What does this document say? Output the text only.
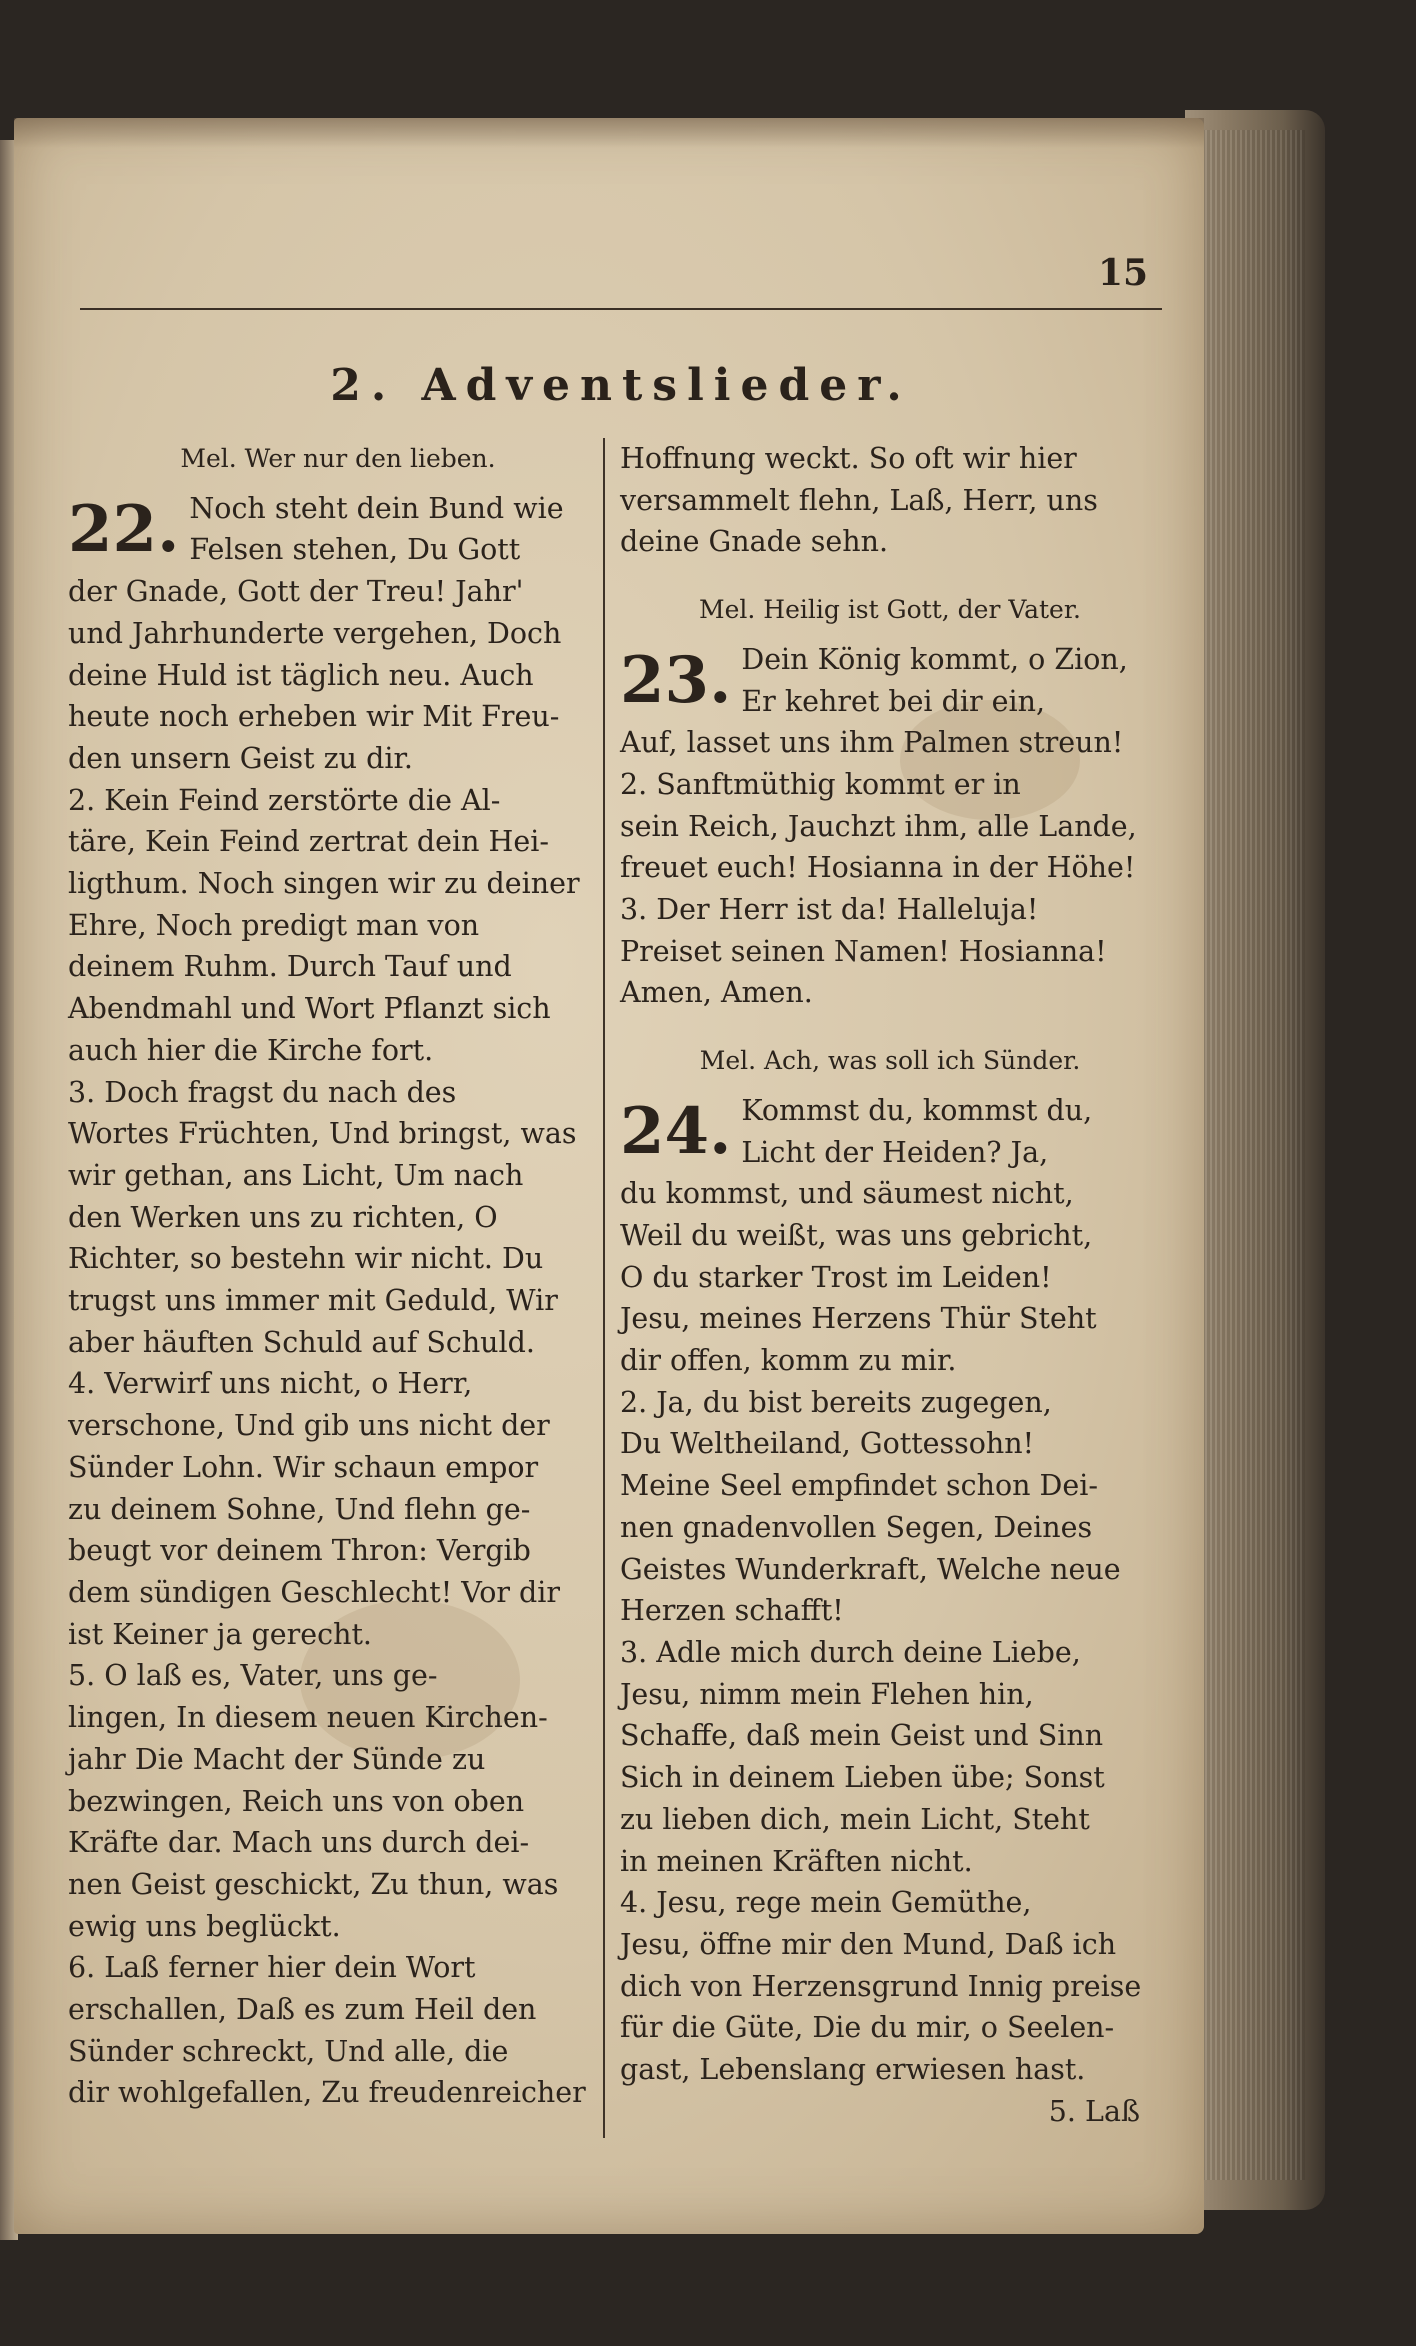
15
2. Adventslieder.
Mel. Wer nur den lieben.
22. Noch steht dein Bund wie
Felsen stehen, Du Gott
der Gnade, Gott der Treu! Jahr'
und Jahrhunderte vergehen, Doch
deine Huld ist täglich neu. Auch
heute noch erheben wir Mit Freu-
den unsern Geist zu dir.
2. Kein Feind zerstörte die Al-
täre, Kein Feind zertrat dein Hei-
ligthum. Noch singen wir zu deiner
Ehre, Noch predigt man von
deinem Ruhm. Durch Tauf und
Abendmahl und Wort Pflanzt sich
auch hier die Kirche fort.
3. Doch fragst du nach des
Wortes Früchten, Und bringst, was
wir gethan, ans Licht, Um nach
den Werken uns zu richten, O
Richter, so bestehn wir nicht. Du
trugst uns immer mit Geduld, Wir
aber häuften Schuld auf Schuld.
4. Verwirf uns nicht, o Herr,
verschone, Und gib uns nicht der
Sünder Lohn. Wir schaun empor
zu deinem Sohne, Und flehn ge-
beugt vor deinem Thron: Vergib
dem sündigen Geschlecht! Vor dir
ist Keiner ja gerecht.
5. O laß es, Vater, uns ge-
lingen, In diesem neuen Kirchen-
jahr Die Macht der Sünde zu
bezwingen, Reich uns von oben
Kräfte dar. Mach uns durch dei-
nen Geist geschickt, Zu thun, was
ewig uns beglückt.
6. Laß ferner hier dein Wort
erschallen, Daß es zum Heil den
Sünder schreckt, Und alle, die
dir wohlgefallen, Zu freudenreicher
Hoffnung weckt. So oft wir hier
versammelt flehn, Laß, Herr, uns
deine Gnade sehn.
Mel. Heilig ist Gott, der Vater.
23. Dein König kommt, o Zion,
Er kehret bei dir ein,
Auf, lasset uns ihm Palmen streun!
2. Sanftmüthig kommt er in
sein Reich, Jauchzt ihm, alle Lande,
freuet euch! Hosianna in der Höhe!
3. Der Herr ist da! Halleluja!
Preiset seinen Namen! Hosianna!
Amen, Amen.
Mel. Ach, was soll ich Sünder.
24. Kommst du, kommst du,
Licht der Heiden? Ja,
du kommst, und säumest nicht,
Weil du weißt, was uns gebricht,
O du starker Trost im Leiden!
Jesu, meines Herzens Thür Steht
dir offen, komm zu mir.
2. Ja, du bist bereits zugegen,
Du Weltheiland, Gottessohn!
Meine Seel empfindet schon Dei-
nen gnadenvollen Segen, Deines
Geistes Wunderkraft, Welche neue
Herzen schafft!
3. Adle mich durch deine Liebe,
Jesu, nimm mein Flehen hin,
Schaffe, daß mein Geist und Sinn
Sich in deinem Lieben übe; Sonst
zu lieben dich, mein Licht, Steht
in meinen Kräften nicht.
4. Jesu, rege mein Gemüthe,
Jesu, öffne mir den Mund, Daß ich
dich von Herzensgrund Innig preise
für die Güte, Die du mir, o Seelen-
gast, Lebenslang erwiesen hast.
5. Laß
